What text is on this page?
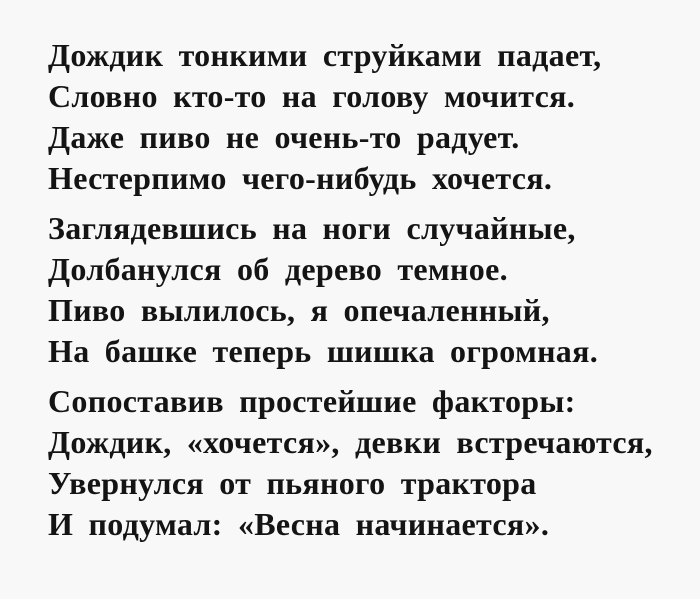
Дождик тонкими струйками падает,
Словно кто-то на голову мочится.
Даже пиво не очень-то радует.
Нестерпимо чего-нибудь хочется.
Заглядевшись на ноги случайные,
Долбанулся об дерево темное.
Пиво вылилось, я опечаленный,
На башке теперь шишка огромная.
Сопоставив простейшие факторы:
Дождик, «хочется», девки встречаются,
Увернулся от пьяного трактора
И подумал: «Весна начинается».
